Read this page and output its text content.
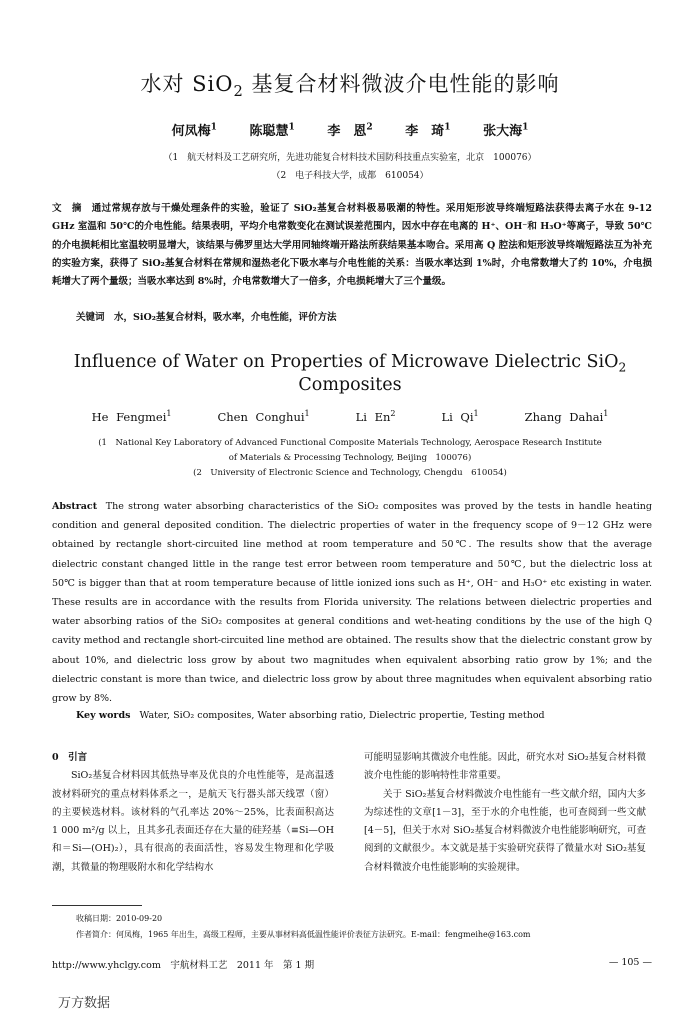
水对 SiO$_2$ 基复合材料微波介电性能的影响
何凤梅$^1$	陈聪慧$^1$	李　恩$^2$	李　琦$^1$	张大海$^1$
（1　航天材料及工艺研究所，先进功能复合材料技术国防科技重点实验室，北京　100076）
（2　电子科技大学，成都　610054）
文　摘　 通过常规存放与干燥处理条件的实验，验证了 SiO₂基复合材料极易吸潮的特性。采用矩形波导终端短路法获得去离子水在 9-12 GHz 室温和 50℃的介电性能。结果表明，平均介电常数变化在测试误差范围内，因水中存在电离的 H⁺、OH⁻和 H₃O⁺等离子，导致 50℃的介电损耗相比室温较明显增大，该结果与佛罗里达大学用同轴终端开路法所获结果基本吻合。采用高 Q 腔法和矩形波导终端短路法互为补充的实验方案，获得了 SiO₂基复合材料在常规和湿热老化下吸水率与介电性能的关系：当吸水率达到 1%时，介电常数增大了约 10%，介电损耗增大了两个量级；当吸水率达到 8%时，介电常数增大了一倍多，介电损耗增大了三个量级。
关键词　 水，SiO₂基复合材料，吸水率，介电性能，评价方法
Influence of Water on Properties of Microwave Dielectric SiO$_2$ Composites
He Fengmei$^1$	Chen Conghui$^1$	Li En$^2$	Li Qi$^1$	Zhang Dahai$^1$
(1　National Key Laboratory of Advanced Functional Composite Materials Technology, Aerospace Research Institute
of Materials & Processing Technology, Beijing　100076)
(2　University of Electronic Science and Technology, Chengdu　610054)
Abstract The strong water absorbing characteristics of the SiO₂ composites was proved by the tests in handle heating condition and general deposited condition. The dielectric properties of water in the frequency scope of 9－12 GHz were obtained by rectangle short-circuited line method at room temperature and 50℃. The results show that the average dielectric constant changed little in the range test error between room temperature and 50℃, but the dielectric loss at 50℃ is bigger than that at room temperature because of little ionized ions such as H⁺, OH⁻ and H₃O⁺ etc existing in water. These results are in accordance with the results from Florida university. The relations between dielectric properties and water absorbing ratios of the SiO₂ composites at general conditions and wet-heating conditions by the use of the high Q cavity method and rectangle short-circuited line method are obtained. The results show that the dielectric constant grow by about 10%, and dielectric loss grow by about two magnitudes when equivalent absorbing ratio grow by 1%; and the dielectric constant is more than twice, and dielectric loss grow by about three magnitudes when equivalent absorbing ratio grow by 8%.
Key words Water, SiO₂ composites, Water absorbing ratio, Dielectric propertie, Testing method

0　引言

SiO₂基复合材料因其低热导率及优良的介电性能等，是高温透波材料研究的重点材料体系之一，是航天飞行器头部天线罩（窗）的主要候选材料。该材料的气孔率达 20%～25%，比表面积高达 1 000 m²/g 以上，且其多孔表面还存在大量的硅羟基（≡Si—OH 和＝Si—(OH)₂），具有很高的表面活性，容易发生物理和化学吸潮，其微量的物理吸附水和化学结构水

可能明显影响其微波介电性能。因此，研究水对 SiO₂基复合材料微波介电性能的影响特性非常重要。

关于 SiO₂基复合材料微波介电性能有一些文献介绍，国内大多为综述性的文章[1－3]，至于水的介电性能，也可查阅到一些文献[4－5]，但关于水对 SiO₂基复合材料微波介电性能影响研究，可查阅到的文献很少。本文就是基于实验研究获得了微量水对 SiO₂基复合材料微波介电性能影响的实验规律。

收稿日期：2010-09-20
作者简介：何凤梅，1965 年出生，高级工程师，主要从事材料高低温性能评价表征方法研究。E-mail：fengmeihe@163.com
http://www.yhclgy.com　宇航材料工艺　2011 年　第 1 期	— 105 —
万方数据
